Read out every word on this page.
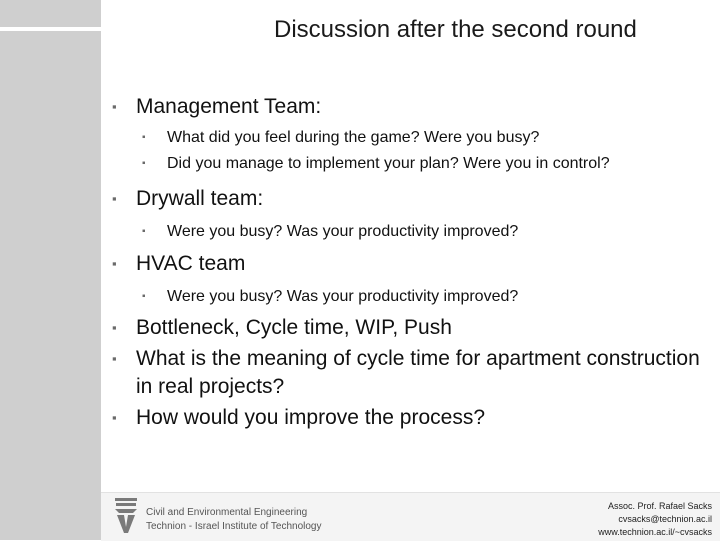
Discussion after the second round
▪ Management Team:
▪ What did you feel during the game? Were you busy?
▪ Did you manage to implement your plan? Were you in control?
▪ Drywall team:
▪ Were you busy? Was your productivity improved?
▪ HVAC team
▪ Were you busy? Was your productivity improved?
▪ Bottleneck, Cycle time, WIP, Push
▪ What is the meaning of cycle time for apartment construction in real projects?
▪ How would you improve the process?
Civil and Environmental Engineering
Technion - Israel Institute of Technology
Assoc. Prof. Rafael Sacks
cvsacks@technion.ac.il
www.technion.ac.il/~cvsacks
